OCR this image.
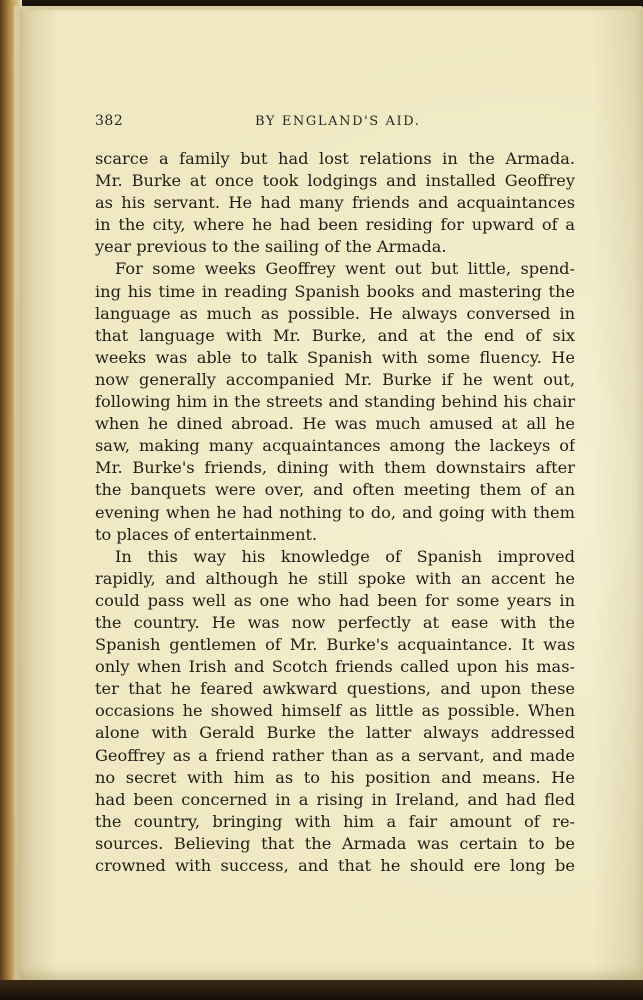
382	BY ENGLAND'S AID.
scarce a family but had lost relations in the Armada.
Mr. Burke at once took lodgings and installed Geoffrey
as his servant. He had many friends and acquaintances
in the city, where he had been residing for upward of a
year previous to the sailing of the Armada.
For some weeks Geoffrey went out but little, spend-
ing his time in reading Spanish books and mastering the
language as much as possible. He always conversed in
that language with Mr. Burke, and at the end of six
weeks was able to talk Spanish with some fluency. He
now generally accompanied Mr. Burke if he went out,
following him in the streets and standing behind his chair
when he dined abroad. He was much amused at all he
saw, making many acquaintances among the lackeys of
Mr. Burke's friends, dining with them downstairs after
the banquets were over, and often meeting them of an
evening when he had nothing to do, and going with them
to places of entertainment.
In this way his knowledge of Spanish improved
rapidly, and although he still spoke with an accent he
could pass well as one who had been for some years in
the country. He was now perfectly at ease with the
Spanish gentlemen of Mr. Burke's acquaintance. It was
only when Irish and Scotch friends called upon his mas-
ter that he feared awkward questions, and upon these
occasions he showed himself as little as possible. When
alone with Gerald Burke the latter always addressed
Geoffrey as a friend rather than as a servant, and made
no secret with him as to his position and means. He
had been concerned in a rising in Ireland, and had fled
the country, bringing with him a fair amount of re-
sources. Believing that the Armada was certain to be
crowned with success, and that he should ere long be
